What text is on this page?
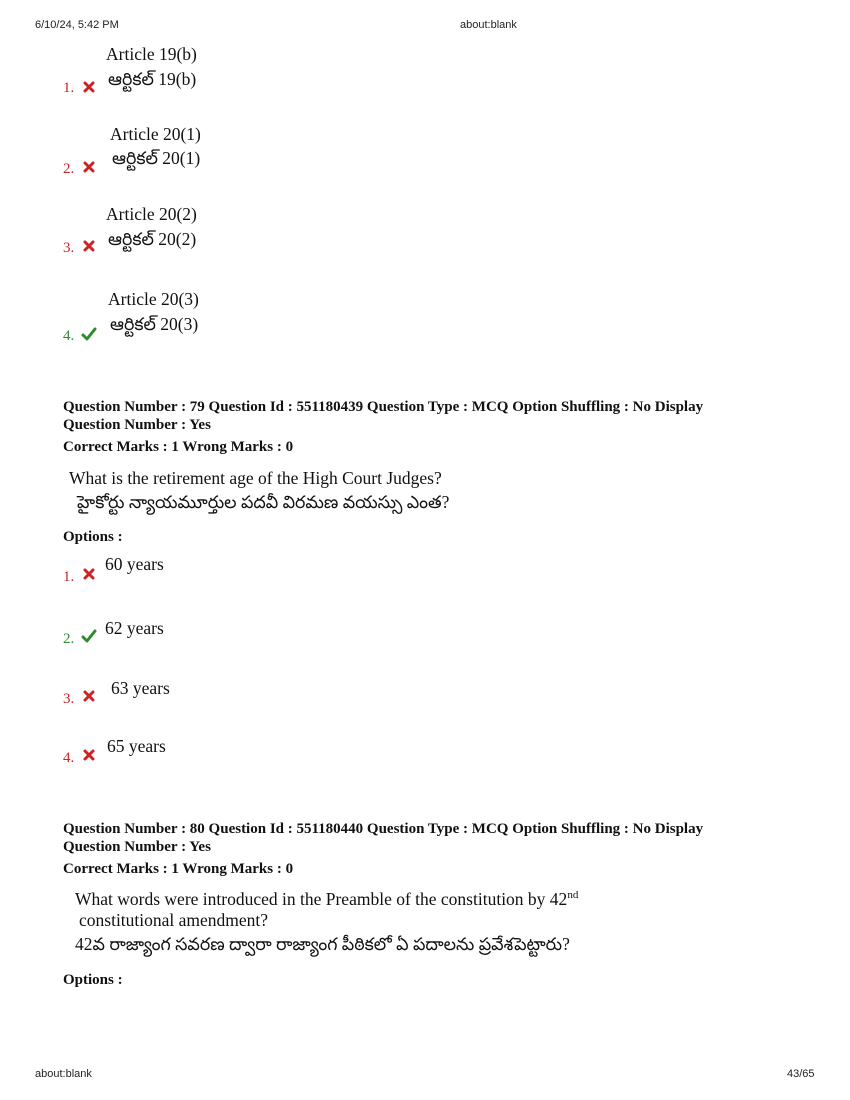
6/10/24, 5:42 PM	about:blank
about:blank	43/65
1.
Article 19(b)
ఆర్టికల్ 19(b)
2.
Article 20(1)
ఆర్టికల్ 20(1)
3.
Article 20(2)
ఆర్టికల్ 20(2)
4.
Article 20(3)
ఆర్టికల్ 20(3)
Question Number : 79 Question Id : 551180439 Question Type : MCQ Option Shuffling : No Display
Question Number : Yes
Correct Marks : 1 Wrong Marks : 0
What is the retirement age of the High Court Judges?
హైకోర్టు న్యాయమూర్తుల పదవీ విరమణ వయస్సు ఎంత?
Options :
1.
60 years
2.
62 years
3.
63 years
4.
65 years
Question Number : 80 Question Id : 551180440 Question Type : MCQ Option Shuffling : No Display
Question Number : Yes
Correct Marks : 1 Wrong Marks : 0
What words were introduced in the Preamble of the constitution by 42nd
constitutional amendment?
42వ రాజ్యాంగ సవరణ ద్వారా రాజ్యాంగ పీఠికలో ఏ పదాలను ప్రవేశపెట్టారు?
Options :
